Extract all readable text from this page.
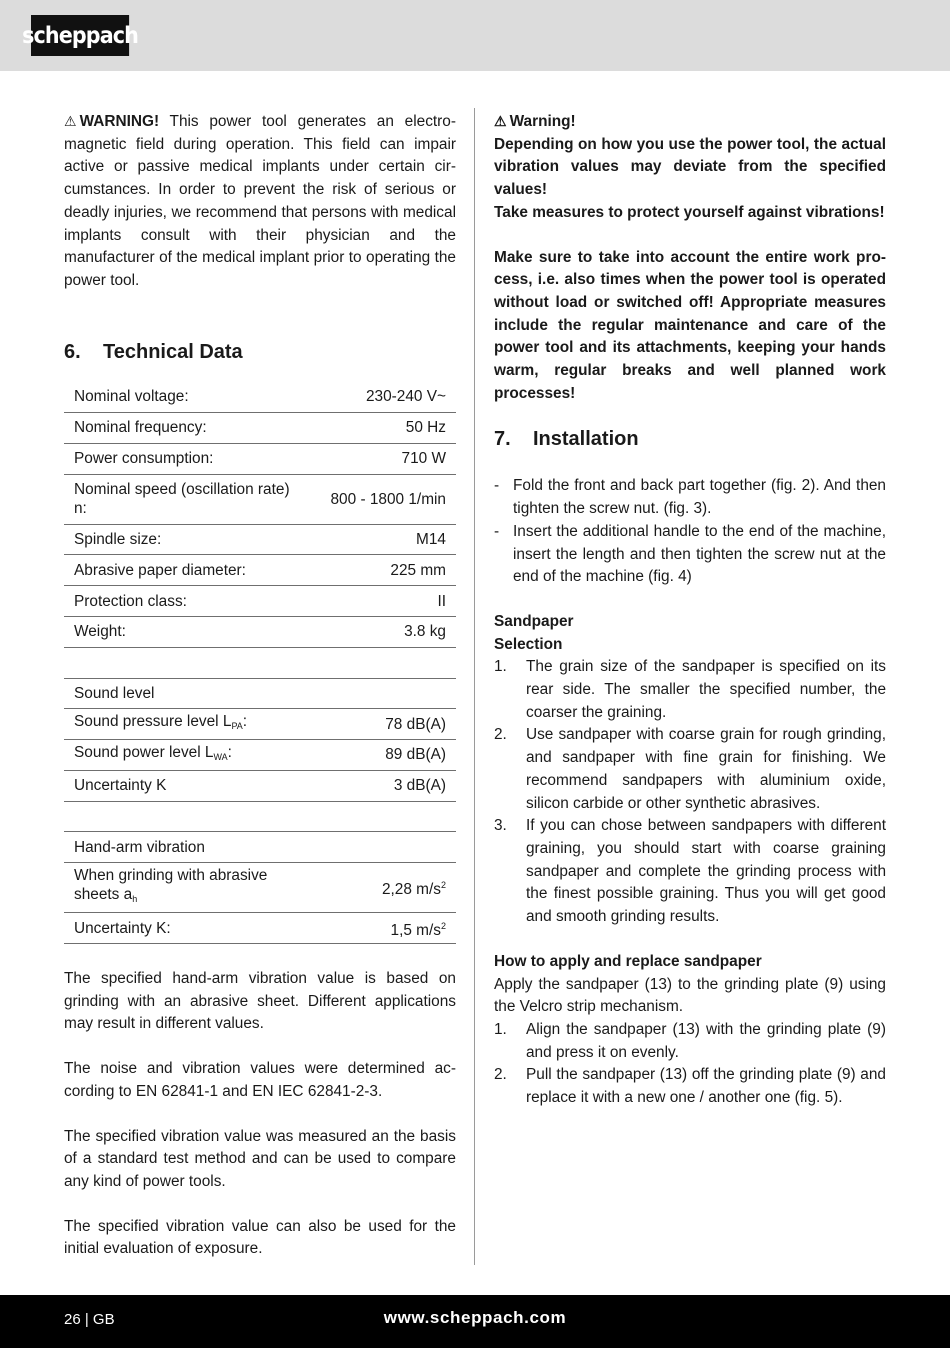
scheppach

⚠ WARNING! This power tool generates an electromagnetic field during operation. This field can impair active or passive medical implants under certain circumstances. In order to prevent the risk of serious or deadly injuries, we recommend that persons with medical implants consult with their physician and the manufacturer of the medical implant prior to operating the power tool.

6. Technical Data
Nominal voltage:	230-240 V~
Nominal frequency:	50 Hz
Power consumption:	710 W
Nominal speed (oscillation rate) n:	800 - 1800 1/min
Spindle size:	M14
Abrasive paper diameter:	225 mm
Protection class:	II
Weight:	3.8 kg

Sound level	
Sound pressure level $L_{PA}$:	78 dB(A)
Sound power level $L_{WA}$:	89 dB(A)
Uncertainty K	3 dB(A)

Hand-arm vibration	
When grinding with abrasive sheets $a_h$	2,28 $m/s^2$
Uncertainty K:	1,5 $m/s^2$

The specified hand-arm vibration value is based on grinding with an abrasive sheet. Different applications may result in different values.

The noise and vibration values were determined according to EN 62841-1 and EN IEC 62841-2-3.

The specified vibration value was measured an the basis of a standard test method and can be used to compare any kind of power tools.

The specified vibration value can also be used for the initial evaluation of exposure.

⚠ Warning!

Depending on how you use the power tool, the actual vibration values may deviate from the specified values!

Take measures to protect yourself against vibrations!

Make sure to take into account the entire work process, i.e. also times when the power tool is operated without load or switched off! Appropriate measures include the regular maintenance and care of the power tool and its attachments, keeping your hands warm, regular breaks and well planned work processes!

7. Installation
- Fold the front and back part together (fig. 2). And then tighten the screw nut. (fig. 3).
- Insert the additional handle to the end of the machine, insert the length and then tighten the screw nut at the end of the machine (fig. 4)

Sandpaper

Selection

1. The grain size of the sandpaper is specified on its rear side. The smaller the specified number, the coarser the graining.
2. Use sandpaper with coarse grain for rough grinding, and sandpaper with fine grain for finishing. We recommend sandpapers with aluminium oxide, silicon carbide or other synthetic abrasives.
3. If you can chose between sandpapers with different graining, you should start with coarse graining sandpaper and complete the grinding process with the finest possible graining. Thus you will get good and smooth grinding results.

How to apply and replace sandpaper

Apply the sandpaper (13) to the grinding plate (9) using the Velcro strip mechanism.

1. Align the sandpaper (13) with the grinding plate (9) and press it on evenly.
2. Pull the sandpaper (13) off the grinding plate (9) and replace it with a new one / another one (fig. 5).
26 | GB	www.scheppach.com
